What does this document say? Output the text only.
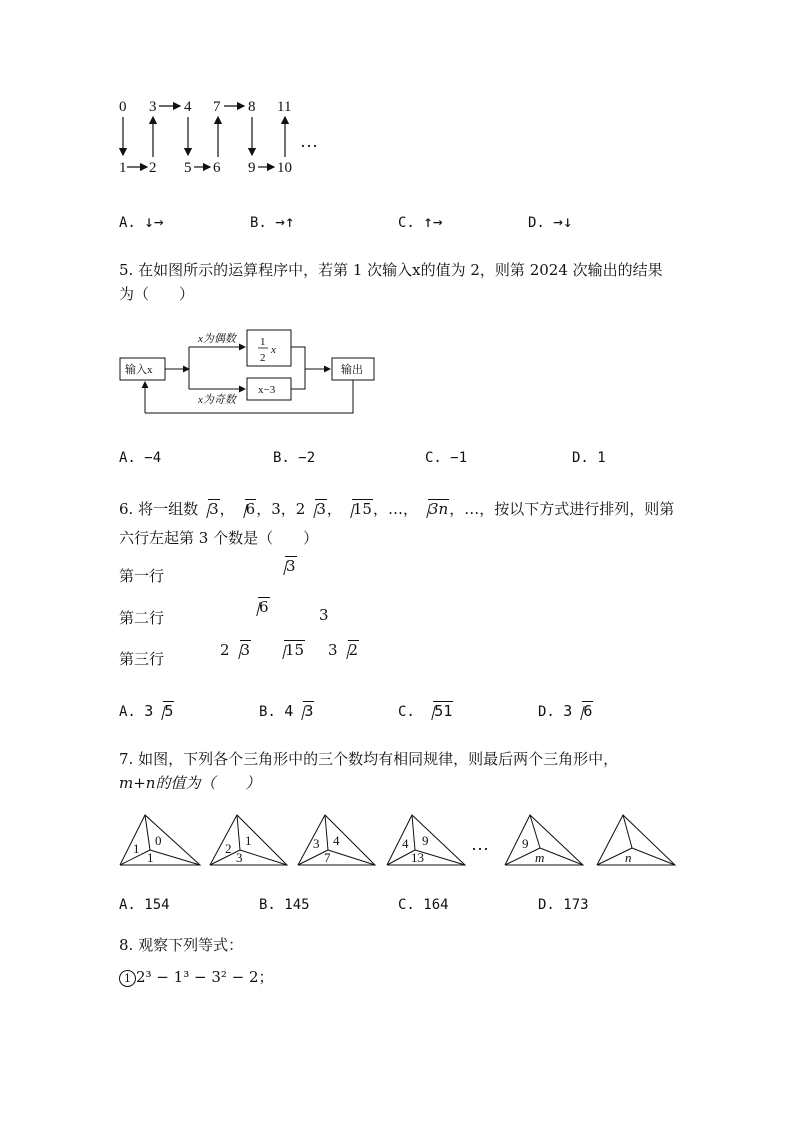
0 3 4 7 8 11
1 2 5 6 9 10
…
A. ↓→	B. →↑	C. ↑→	D. →↓
5. 在如图所示的运算程序中，若第 1 次输入x的值为 2，则第 2024 次输出的结果
为（　　）
输入x
x为偶数
x为奇数
1
2
x
x−3
输出
A. −4	B. −2	C. −1	D. 1
6. 将一组数 3， 6，3，2 3， 15，…， 3n，…，按以下方式进行排列，则第
六行左起第 3 个数是（　　）
第一行
第二行
第三行
3
6	3
2 3	15 3 2
A. 3 5	B. 4 3	C. 51	D. 3 6
7. 如图，下列各个三角形中的三个数均有相同规律，则最后两个三角形中，
m+n的值为（　　）
1
0
1
2
1
3
3 4
7
4 9
13
9
m	n
…
A. 154	B. 145	C. 164	D. 173
8. 观察下列等式：
1 2³ − 1³ − 3² − 2；
